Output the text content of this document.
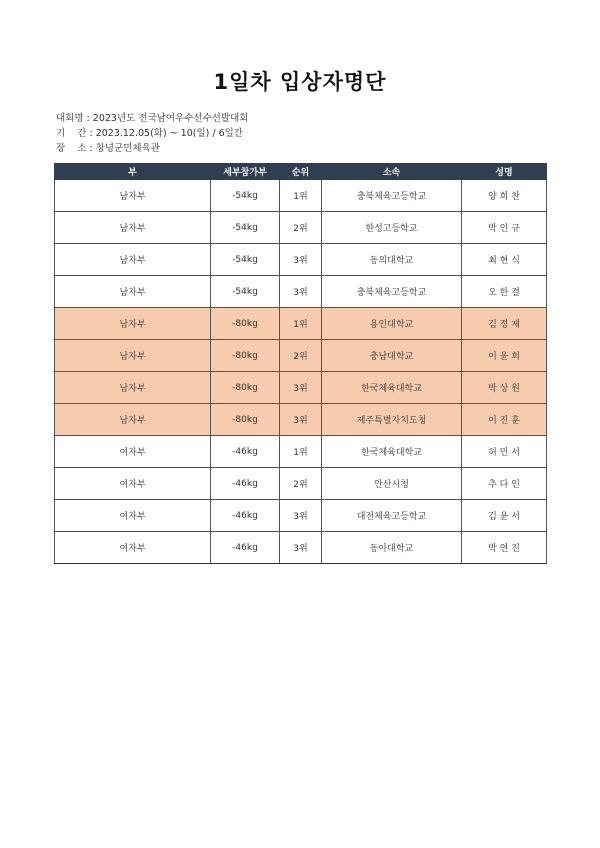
1일차 입상자명단
대회명 : 2023년도 전국남여우수선수선발대회
기    간 : 2023.12.05(화) ~ 10(일) / 6일간
장    소 : 창녕군민체육관
부	세부참가부	순위	소속	성명
남자부	-54kg	1위	충북체육고등학교	양 희 찬
남자부	-54kg	2위	한성고등학교	박 인 규
남자부	-54kg	3위	동의대학교	최 현 식
남자부	-54kg	3위	충북체육고등학교	오 한 결
남자부	-80kg	1위	용인대학교	김 정 제
남자부	-80kg	2위	충남대학교	이 윤 희
남자부	-80kg	3위	한국체육대학교	박 상 원
남자부	-80kg	3위	제주특별자치도청	이 진 훈
여자부	-46kg	1위	한국체육대학교	허 민 서
여자부	-46kg	2위	안산시청	추 다 인
여자부	-46kg	3위	대전체육고등학교	김 윤 서
여자부	-46kg	3위	동아대학교	박 연 진
